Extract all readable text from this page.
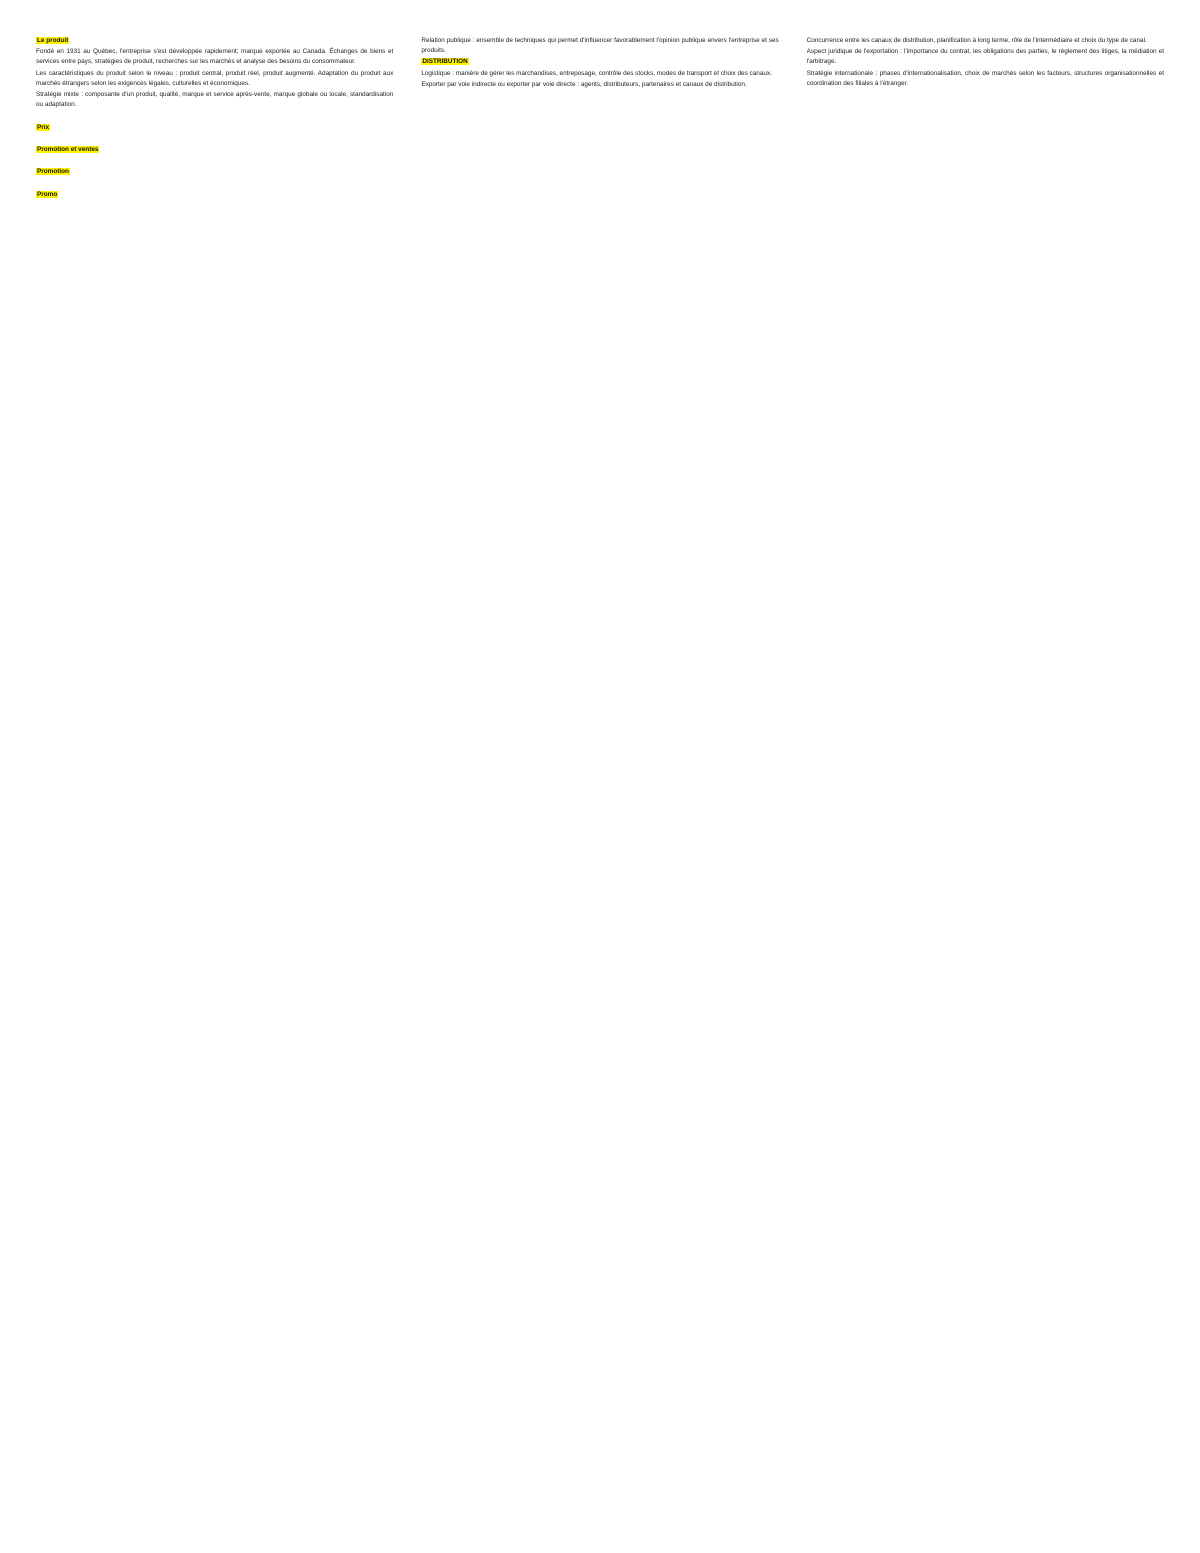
Le produit

Fondé en 1931 au Québec, l'entreprise s'est développée rapidement; marque exportée au Canada. Échanges de biens et services entre pays, stratégies de produit, recherches sur les marchés et analyse des besoins du consommateur.

Les caractéristiques du produit selon le niveau : produit central, produit réel, produit augmenté. Adaptation du produit aux marchés étrangers selon les exigences légales, culturelles et économiques.

Stratégie mixte : composante d'un produit, qualité, marque et service après-vente, marque globale ou locale, standardisation ou adaptation.

Prix

Promotion et ventes

Promotion

Promo

Relation publique : ensemble de techniques qui permet d'influencer favorablement l'opinion publique envers l'entreprise et ses produits.

DISTRIBUTION

Logistique : manière de gérer les marchandises, entreposage, contrôle des stocks, modes de transport et choix des canaux.

Exporter par voie indirecte ou exporter par voie directe : agents, distributeurs, partenaires et canaux de distribution.

Concurrence entre les canaux de distribution, planification à long terme, rôle de l'intermédiaire et choix du type de canal.

Aspect juridique de l'exportation : l'importance du contrat, les obligations des parties, le règlement des litiges, la médiation et l'arbitrage.

Stratégie internationale : phases d'internationalisation, choix de marchés selon les facteurs, structures organisationnelles et coordination des filiales à l'étranger.
